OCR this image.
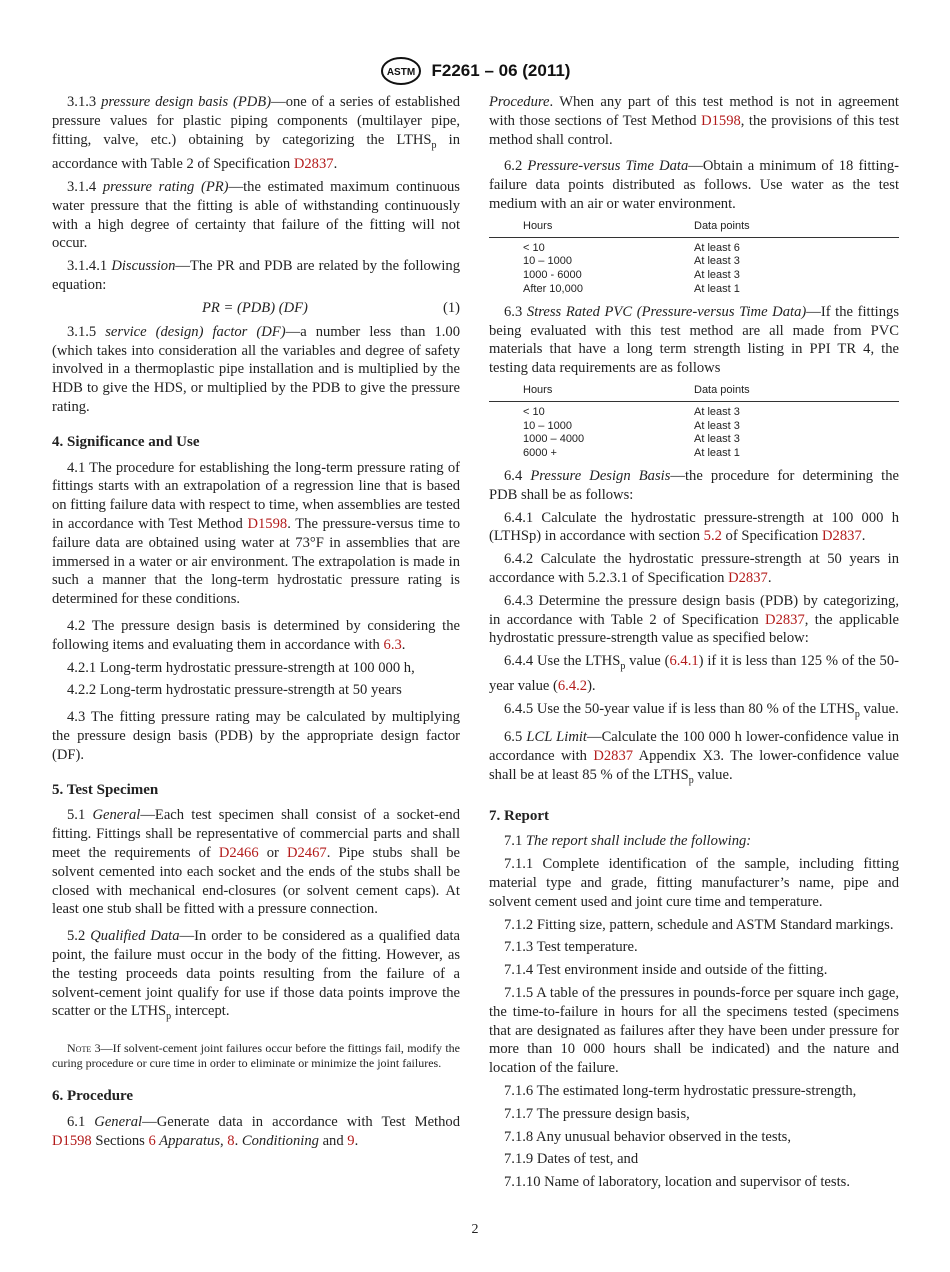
ASTM F2261 – 06 (2011)

3.1.3 pressure design basis (PDB)—one of a series of established pressure values for plastic piping components (multilayer pipe, fitting, valve, etc.) obtaining by categorizing the $LTHS_p$ in accordance with Table 2 of Specification D2837.

3.1.4 pressure rating (PR)—the estimated maximum continuous water pressure that the fitting is able of withstanding continuously with a high degree of certainty that failure of the fitting will not occur.

3.1.4.1 Discussion—The PR and PDB are related by the following equation:

PR = (PDB) (DF)	(1)

3.1.5 service (design) factor (DF)—a number less than 1.00 (which takes into consideration all the variables and degree of safety involved in a thermoplastic pipe installation and is multiplied by the HDB to give the HDS, or multiplied by the PDB to give the pressure rating.

4. Significance and Use

4.1 The procedure for establishing the long-term pressure rating of fittings starts with an extrapolation of a regression line that is based on fitting failure data with respect to time, when assemblies are tested in accordance with Test Method D1598. The pressure-versus time to failure data are obtained using water at 73°F in assemblies that are immersed in a water or air environment. The extrapolation is made in such a manner that the long-term hydrostatic pressure rating is determined for these conditions.

4.2 The pressure design basis is determined by considering the following items and evaluating them in accordance with 6.3.

4.2.1 Long-term hydrostatic pressure-strength at 100 000 h,

4.2.2 Long-term hydrostatic pressure-strength at 50 years

4.3 The fitting pressure rating may be calculated by multiplying the pressure design basis (PDB) by the appropriate design factor (DF).

5. Test Specimen

5.1 General—Each test specimen shall consist of a socket-end fitting. Fittings shall be representative of commercial parts and shall meet the requirements of D2466 or D2467. Pipe stubs shall be solvent cemented into each socket and the ends of the stubs shall be closed with mechanical end-closures (or solvent cement caps). At least one stub shall be fitted with a pressure connection.

5.2 Qualified Data—In order to be considered as a qualified data point, the failure must occur in the body of the fitting. However, as the testing proceeds data points resulting from the failure of a solvent-cement joint qualify for use if those data points improve the scatter or the $LTHS_p$ intercept.

Note 3—If solvent-cement joint failures occur before the fittings fail, modify the curing procedure or cure time in order to eliminate or minimize the joint failures.

6. Procedure

6.1 General—Generate data in accordance with Test Method D1598 Sections 6 Apparatus, 8. Conditioning and 9.

Procedure. When any part of this test method is not in agreement with those sections of Test Method D1598, the provisions of this test method shall control.

6.2 Pressure-versus Time Data—Obtain a minimum of 18 fitting-failure data points distributed as follows. Use water as the test medium with an air or water environment.

Hours	Data points
< 10	At least 6
10 – 1000	At least 3
1000 - 6000	At least 3
After 10,000	At least 1

6.3 Stress Rated PVC (Pressure-versus Time Data)—If the fittings being evaluated with this test method are all made from PVC materials that have a long term strength listing in PPI TR 4, the testing data requirements are as follows

Hours	Data points
< 10	At least 3
10 – 1000	At least 3
1000 – 4000	At least 3
6000 +	At least 1

6.4 Pressure Design Basis—the procedure for determining the PDB shall be as follows:

6.4.1 Calculate the hydrostatic pressure-strength at 100 000 h (LTHSp) in accordance with section 5.2 of Specification D2837.

6.4.2 Calculate the hydrostatic pressure-strength at 50 years in accordance with 5.2.3.1 of Specification D2837.

6.4.3 Determine the pressure design basis (PDB) by categorizing, in accordance with Table 2 of Specification D2837, the applicable hydrostatic pressure-strength value as specified below:

6.4.4 Use the $LTHS_p$ value (6.4.1) if it is less than 125 % of the 50-year value (6.4.2).

6.4.5 Use the 50-year value if is less than 80 % of the $LTHS_p$ value.

6.5 LCL Limit—Calculate the 100 000 h lower-confidence value in accordance with D2837 Appendix X3. The lower-confidence value shall be at least 85 % of the $LTHS_p$ value.

7. Report

7.1 The report shall include the following:

7.1.1 Complete identification of the sample, including fitting material type and grade, fitting manufacturer’s name, pipe and solvent cement used and joint cure time and temperature.

7.1.2 Fitting size, pattern, schedule and ASTM Standard markings.

7.1.3 Test temperature.

7.1.4 Test environment inside and outside of the fitting.

7.1.5 A table of the pressures in pounds-force per square inch gage, the time-to-failure in hours for all the specimens tested (specimens that are designated as failures after they have been under pressure for more than 10 000 hours shall be indicated) and the nature and location of the failure.

7.1.6 The estimated long-term hydrostatic pressure-strength,

7.1.7 The pressure design basis,

7.1.8 Any unusual behavior observed in the tests,

7.1.9 Dates of test, and

7.1.10 Name of laboratory, location and supervisor of tests.

2
